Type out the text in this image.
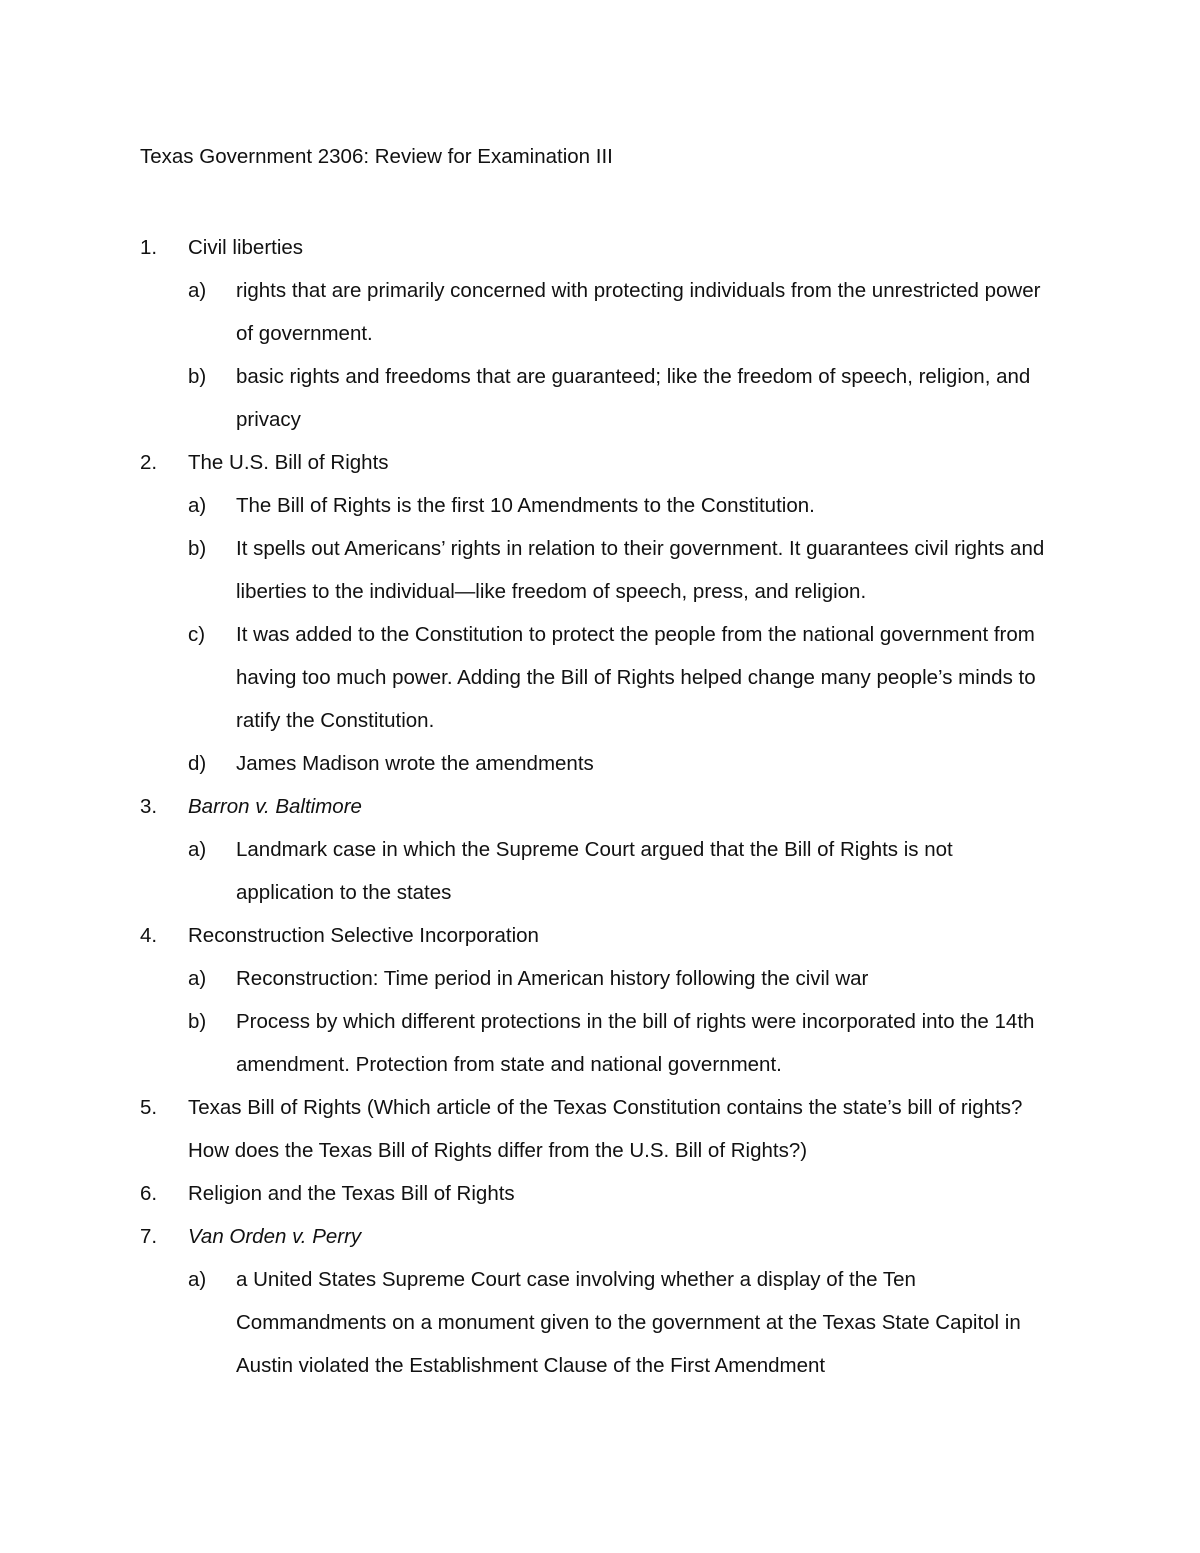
Texas Government 2306: Review for Examination III
1.	Civil liberties
a)	rights that are primarily concerned with protecting individuals from the unrestricted power of government.
b)	basic rights and freedoms that are guaranteed; like the freedom of speech, religion, and privacy
2.	The U.S. Bill of Rights
a)	The Bill of Rights is the first 10 Amendments to the Constitution.
b)	It spells out Americans’ rights in relation to their government. It guarantees civil rights and liberties to the individual—like freedom of speech, press, and religion.
c)	It was added to the Constitution to protect the people from the national government from having too much power. Adding the Bill of Rights helped change many people’s minds to ratify the Constitution.
d)	James Madison wrote the amendments
3.	Barron v. Baltimore
a)	Landmark case in which the Supreme Court argued that the Bill of Rights is not application to the states
4.	Reconstruction Selective Incorporation
a)	Reconstruction: Time period in American history following the civil war
b)	Process by which different protections in the bill of rights were incorporated into the 14th amendment. Protection from state and national government.
5.	Texas Bill of Rights (Which article of the Texas Constitution contains the state’s bill of rights? How does the Texas Bill of Rights differ from the U.S. Bill of Rights?)
6.	Religion and the Texas Bill of Rights
7.	Van Orden v. Perry
a)	a United States Supreme Court case involving whether a display of the Ten Commandments on a monument given to the government at the Texas State Capitol in Austin violated the Establishment Clause of the First Amendment
